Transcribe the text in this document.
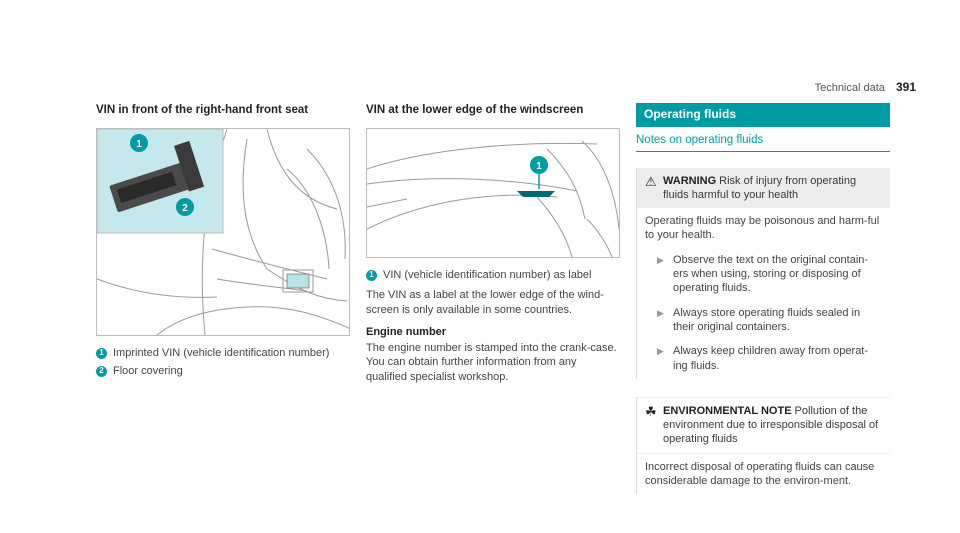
Technical data 391
VIN in front of the right-hand front seat
1
2
1 Imprinted VIN (vehicle identification number)
2 Floor covering
VIN at the lower edge of the windscreen
1
1 VIN (vehicle identification number) as label

The VIN as a label at the lower edge of the wind-screen is only available in some countries.

Engine number

The engine number is stamped into the crank-case. You can obtain further information from any qualified specialist workshop.

Operating fluids
Notes on operating fluids
⚠ WARNING Risk of injury from operating fluids harmful to your health
Operating fluids may be poisonous and harm-ful to your health.
▶ Observe the text on the original contain-ers when using, storing or disposing of operating fluids.
▶ Always store operating fluids sealed in their original containers.
▶ Always keep children away from operat-ing fluids.
☘ ENVIRONMENTAL NOTE Pollution of the environment due to irresponsible disposal of operating fluids
Incorrect disposal of operating fluids can cause considerable damage to the environ-ment.
